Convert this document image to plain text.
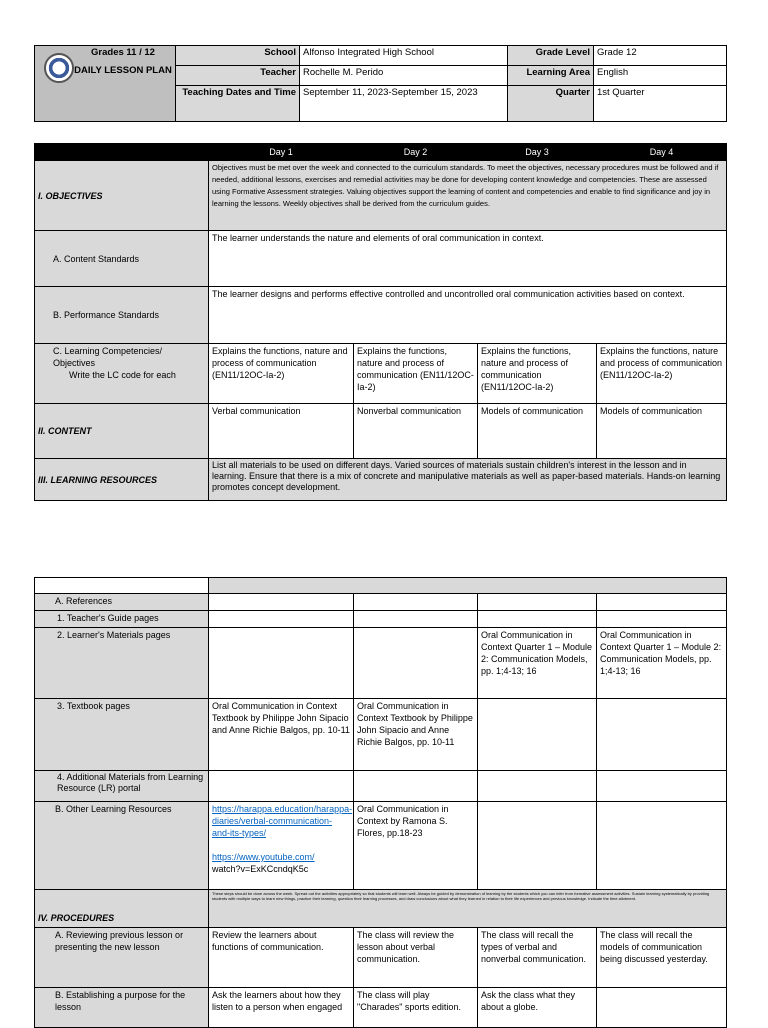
Grades 11 / 12
DAILY LESSON PLAN	School	Alfonso Integrated High School	Grade Level	Grade 12
	Teacher	Rochelle M. Perido	Learning Area	English
	Teaching Dates and Time	September 11, 2023-September 15, 2023	Quarter	1st Quarter
	Day 1	Day 2	Day 3	Day 4
I. OBJECTIVES	Objectives must be met over the week and connected to the curriculum standards. To meet the objectives, necessary procedures must be followed and if needed, additional lessons, exercises and remedial activities may be done for developing content knowledge and competencies. These are assessed using Formative Assessment strategies. Valuing objectives support the learning of content and competencies and enable to find significance and joy in learning the lessons. Weekly objectives shall be derived from the curriculum guides.			
A. Content Standards	The learner understands the nature and elements of oral communication in context.			
B. Performance Standards	The learner designs and performs effective controlled and uncontrolled oral communication activities based on context.			

C. Learning Competencies/ Objectives
Write the LC code for each	Explains the functions, nature and process of communication (EN11/12OC-Ia-2)	Explains the functions, nature and process of communication (EN11/12OC-Ia-2)	Explains the functions, nature and process of communication (EN11/12OC-Ia-2)	Explains the functions, nature and process of communication (EN11/12OC-Ia-2)
II. CONTENT	Verbal communication	Nonverbal communication	Models of communication	Models of communication
III. LEARNING RESOURCES	List all materials to be used on different days. Varied sources of materials sustain children's interest in the lesson and in learning. Ensure that there is a mix of concrete and manipulative materials as well as paper-based materials. Hands-on learning promotes concept development.			

A. References				
1. Teacher's Guide pages				
2. Learner's Materials pages			Oral Communication in Context Quarter 1 – Module 2: Communication Models, pp. 1;4-13; 16	Oral Communication in Context Quarter 1 – Module 2: Communication Models, pp. 1;4-13; 16
3. Textbook pages	Oral Communication in Context Textbook by Philippe John Sipacio and Anne Richie Balgos, pp. 10-11	Oral Communication in Context Textbook by Philippe John Sipacio and Anne Richie Balgos, pp. 10-11		
4. Additional Materials from Learning Resource (LR) portal				
B. Other Learning Resources	https://harappa.education/harappa-diaries/verbal-communication-and-its-types/
https://www.youtube.com/
watch?v=ExKCcndqK5c	Oral Communication in Context by Ramona S. Flores, pp.18-23		
IV. PROCEDURES	These steps should be done across the week. Spread out the activities appropriately so that students will learn well. Always be guided by demonstration of learning by the students which you can infer from formative assessment activities. Sustain learning systematically by providing students with multiple ways to learn new things, practice their learning, question their learning processes, and draw conclusions about what they learned in relation to their life experiences and previous knowledge. Indicate the time allotment.			
A. Reviewing previous lesson or presenting the new lesson	Review the learners about functions of communication.	The class will review the lesson about verbal communication.	The class will recall the types of verbal and nonverbal communication.	The class will recall the models of communication being discussed yesterday.
B. Establishing a purpose for the lesson	Ask the learners about how they listen to a person when engaged	The class will play "Charades" sports edition.	Ask the class what they about a globe.	
